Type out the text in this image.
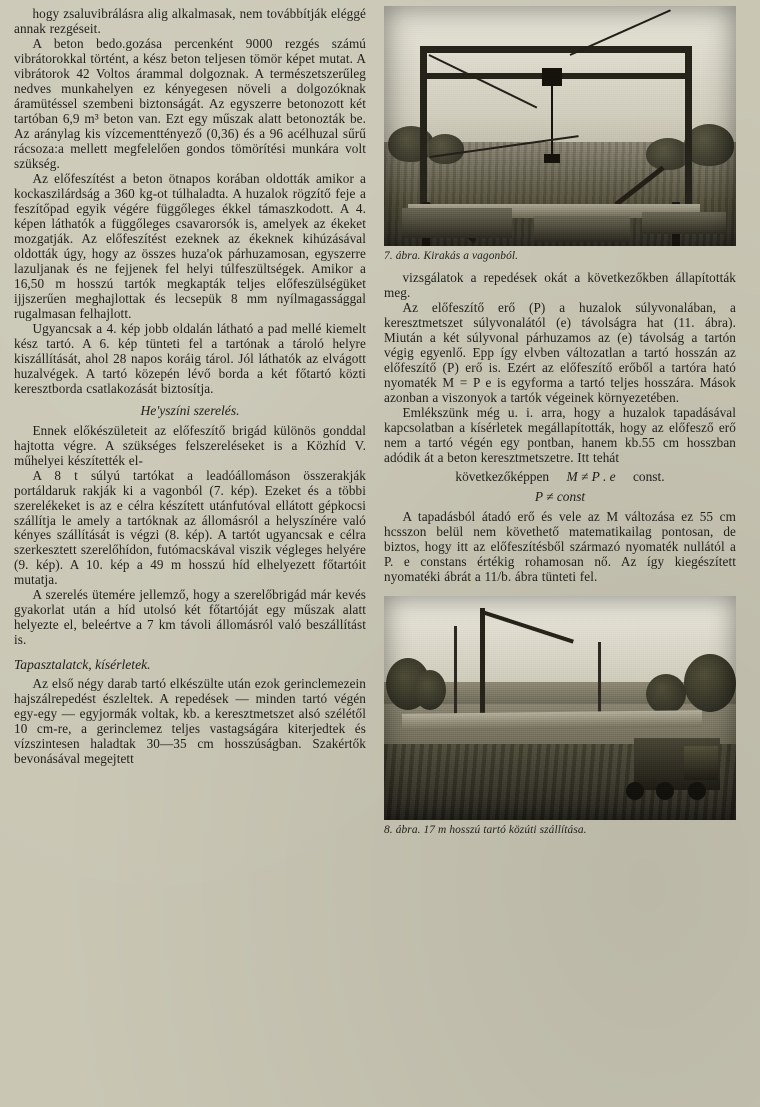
hogy zsaluvibrálásra alig alkalmasak, nem továbbítják eléggé annak rezgéseit.

A beton bedo.gozása percenként 9000 rezgés számú vibrátorokkal történt, a kész beton teljesen tömör képet mutat. A vibrátorok 42 Voltos árammal dolgoznak. A természetszerűleg nedves munkahelyen ez kényegesen növeli a dolgozóknak áramütéssel szembeni biztonságát. Az egyszerre betonozott két tartóban 6,9 m³ beton van. Ezt egy műszak alatt betonozták be. Az aránylag kis vízcementtényező (0,36) és a 96 acélhuzal sűrű rácsoza:a mellett megfelelően gondos tömörítési munkára volt szükség.

Az előfeszítést a beton ötnapos korában oldották amikor a kockaszilárdság a 360 kg-ot túlhaladta. A huzalok rögzítő feje a feszítőpad egyik végére függőleges ékkel támaszkodott. A 4. képen láthatók a függőleges csavarorsók is, amelyek az ékeket mozgatják. Az előfeszítést ezeknek az ékeknek kihúzásával oldották úgy, hogy az összes huza'ok párhuzamosan, egyszerre lazuljanak és ne fejjenek fel helyi túlfeszültségek. Amikor a 16,50 m hosszú tartók megkapták teljes előfeszülségüket ijjszerűen meghajlottak és lecsepük 8 mm nyílmagassággal rugalmasan felhajlott.

Ugyancsak a 4. kép jobb oldalán látható a pad mellé kiemelt kész tartó. A 6. kép tünteti fel a tartónak a tároló helyre kiszállítását, ahol 28 napos koráig tárol. Jól láthatók az elvágott huzalvégek. A tartó közepén lévő borda a két főtartó közti keresztborda csatlakozását biztosítja.

He'yszíni szerelés.

Ennek előkészületeit az előfeszítő brigád különös gonddal hajtotta végre. A szükséges felszereléseket is a Közhíd V. műhelyei készítették el-

A 8 t súlyú tartókat a leadóállomáson összerakják portáldaruk rakják ki a vagonból (7. kép). Ezeket és a többi szerelékeket is az e célra készített utánfutóval ellátott gépkocsi szállítja le amely a tartóknak az állomásról a helyszínére való kényes szállítását is végzi (8. kép). A tartót ugyancsak e célra szerkesztett szerelőhídon, futómacskával viszik végleges helyére (9. kép). A 10. kép a 49 m hosszú híd elhelyezett főtartóit mutatja.

A szerelés ütemére jellemző, hogy a szerelőbrigád már kevés gyakorlat után a híd utolsó két főtartóját egy műszak alatt helyezte el, beleértve a 7 km távoli állomásról való beszállítást is.

Tapasztalatck, kísérletek.

Az első négy darab tartó elkészülte után ezok gerinclemezein hajszálrepedést észleltek. A repedések — minden tartó végén egy-egy — egyjormák voltak, kb. a keresztmetszet alsó szélétől 10 cm-re, a gerinclemez teljes vastagságára kiterjedtek és vízszintesen haladtak 30—35 cm hosszúságban. Szakértők bevonásával megejtett

7. ábra. Kirakás a vagonból.

vizsgálatok a repedések okát a következőkben állapították meg.

Az előfeszítő erő (P) a huzalok súlyvonalában, a keresztmetszet súlyvonalától (e) távolságra hat (11. ábra). Miután a két súlyvonal párhuzamos az (e) távolság a tartón végig egyenlő. Epp így elvben változatlan a tartó hosszán az előfeszítő (P) erő is. Ezért az előfeszítő erőből a tartóra ható nyomaték M = P e is egyforma a tartó teljes hosszára. Mások azonban a viszonyok a tartók végeinek környezetében.

Emlékszünk még u. i. arra, hogy a huzalok tapadásával kapcsolatban a kísérletek megállapították, hogy az előfesző erő nem a tartó végén egy pontban, hanem kb.55 cm hosszban adódik át a beton keresztmetszetre. Itt tehát

következőképpen M ≠ P . e const.
P ≠ const

A tapadásból átadó erő és vele az M változása ez 55 cm hcsszon belül nem követhető matematikailag pontosan, de biztos, hogy itt az előfeszítésből származó nyomaték nullától a P. e constans értékig rohamosan nő. Az így kiegészített nyomatéki ábrát a 11/b. ábra tünteti fel.

8. ábra. 17 m hosszú tartó közúti szállítása.
